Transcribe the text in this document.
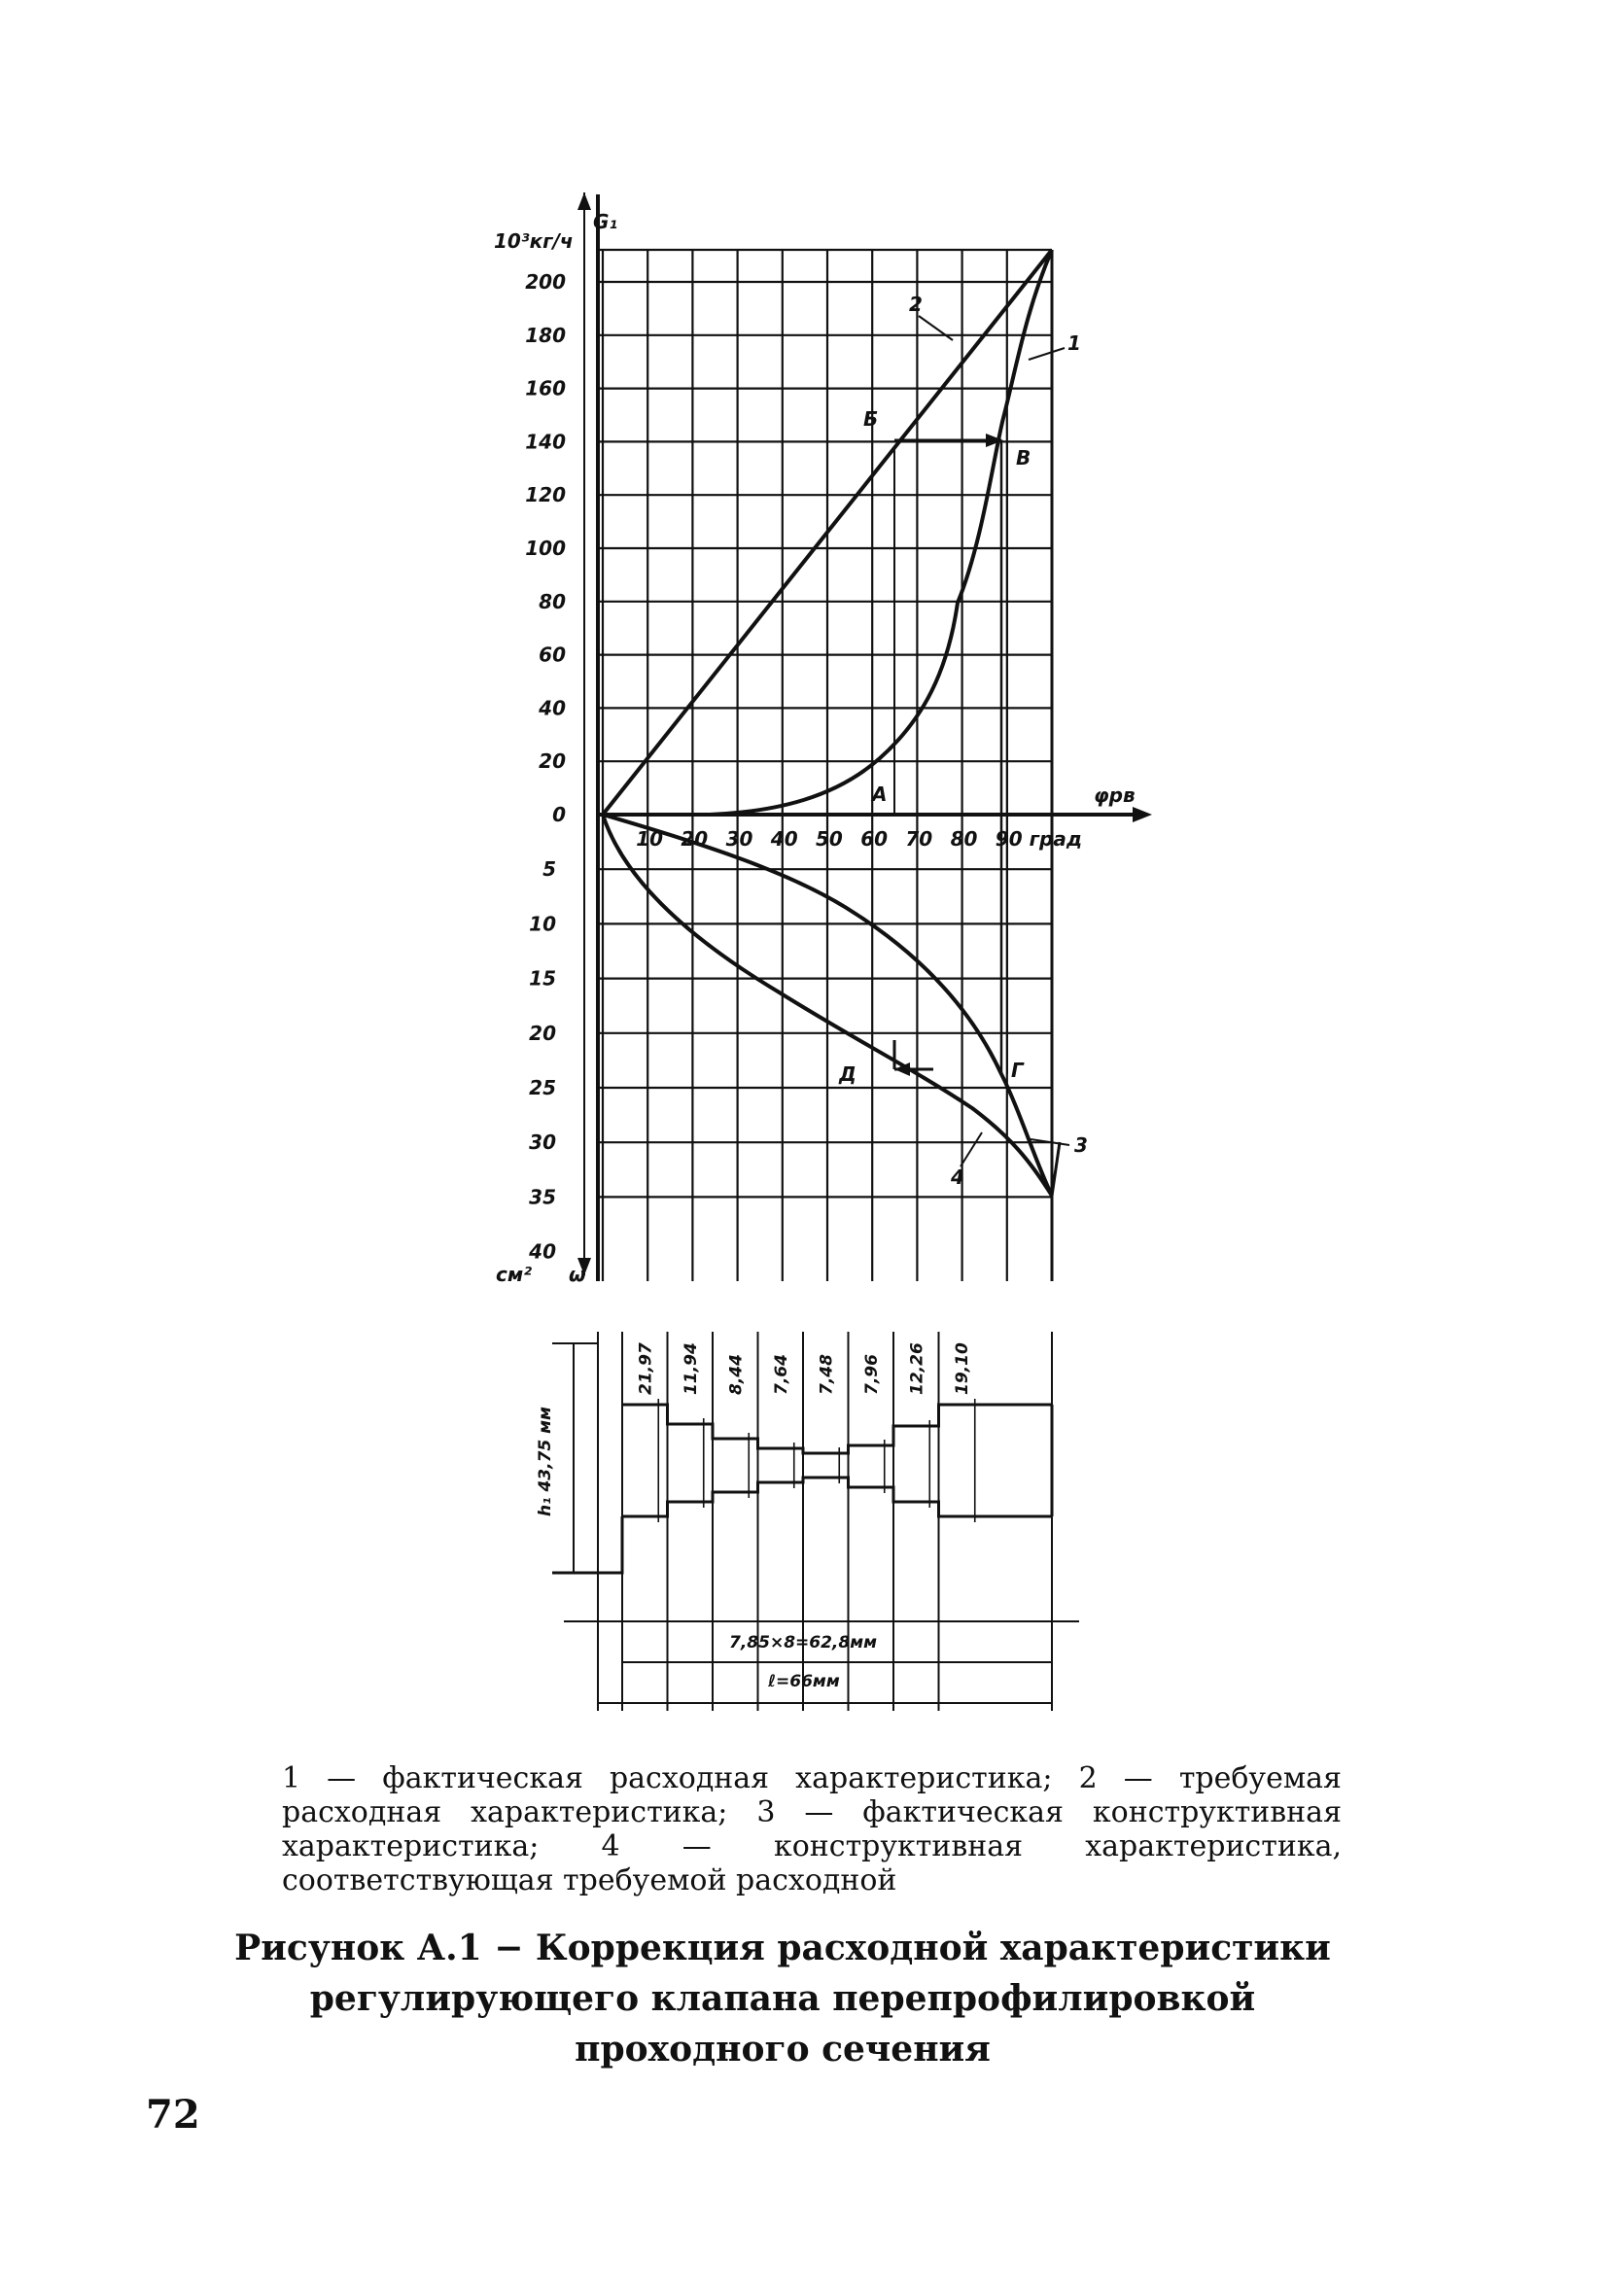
10³кг/ч
G₁
200
180
160
140
120
100
80
60
40
20
0
5
10
15
20
25
30
35
40
10 20 30 40 50 60 70 80 90 град
см² ω
φрв
1
2
3
4
А
Б
В
Г
Д
21,97 11,94 8,44 7,64 7,48 7,96 12,26 19,10
h₁ 43,75 мм
7,85×8=62,8мм
ℓ=66мм
1 — фактическая расходная характеристика; 2 — требуемая расходная характеристика; 3 — фактическая конструктивная характеристика; 4 — конструктивная характеристика, соответствующая требуемой расходной
Рисунок А.1 − Коррекция расходной характеристики
регулирующего клапана перепрофилировкой
проходного сечения
72
